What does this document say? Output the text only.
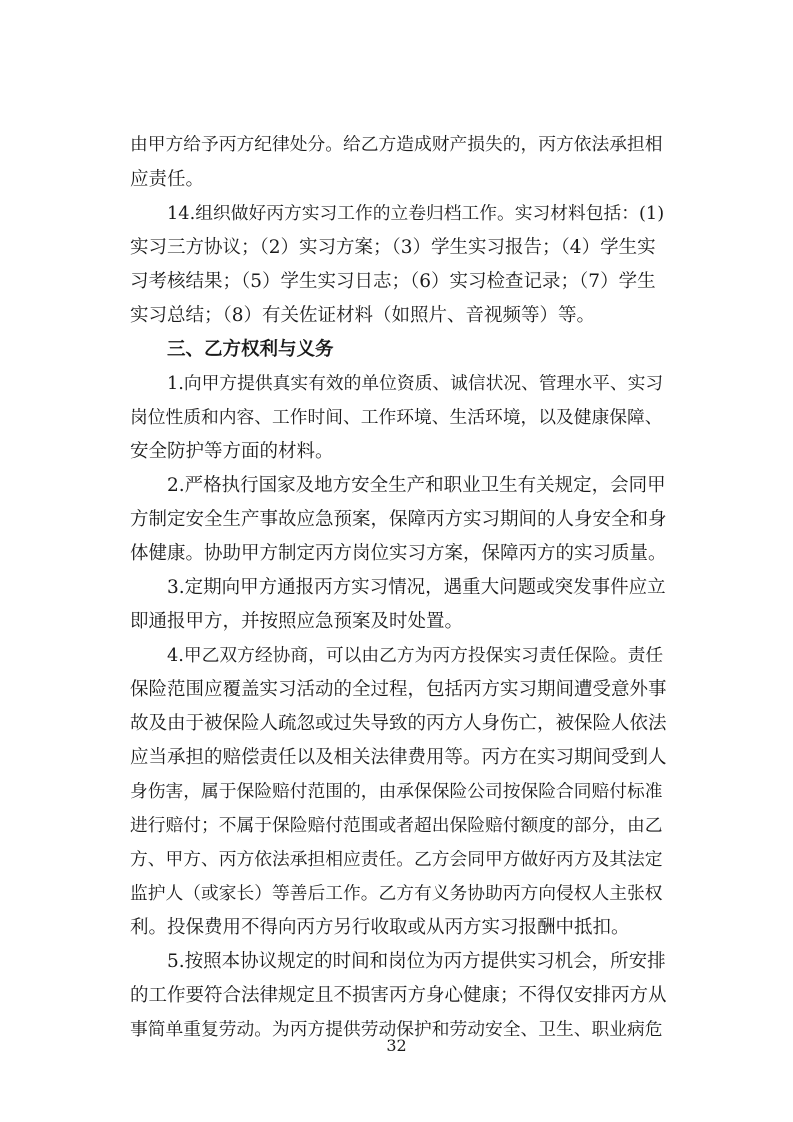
由甲方给予丙方纪律处分。给乙方造成财产损失的，丙方依法承担相
应责任。
14.组织做好丙方实习工作的立卷归档工作。实习材料包括：(1)
实习三方协议；（2）实习方案；（3）学生实习报告；（4）学生实
习考核结果；（5）学生实习日志；（6）实习检查记录；（7）学生
实习总结；（8）有关佐证材料（如照片、音视频等）等。
三、乙方权利与义务
1.向甲方提供真实有效的单位资质、诚信状况、管理水平、实习
岗位性质和内容、工作时间、工作环境、生活环境，以及健康保障、
安全防护等方面的材料。
2.严格执行国家及地方安全生产和职业卫生有关规定，会同甲
方制定安全生产事故应急预案，保障丙方实习期间的人身安全和身
体健康。协助甲方制定丙方岗位实习方案，保障丙方的实习质量。
3.定期向甲方通报丙方实习情况，遇重大问题或突发事件应立
即通报甲方，并按照应急预案及时处置。
4.甲乙双方经协商，可以由乙方为丙方投保实习责任保险。责任
保险范围应覆盖实习活动的全过程，包括丙方实习期间遭受意外事
故及由于被保险人疏忽或过失导致的丙方人身伤亡，被保险人依法
应当承担的赔偿责任以及相关法律费用等。丙方在实习期间受到人
身伤害，属于保险赔付范围的，由承保保险公司按保险合同赔付标准
进行赔付；不属于保险赔付范围或者超出保险赔付额度的部分，由乙
方、甲方、丙方依法承担相应责任。乙方会同甲方做好丙方及其法定
监护人（或家长）等善后工作。乙方有义务协助丙方向侵权人主张权
利。投保费用不得向丙方另行收取或从丙方实习报酬中抵扣。
5.按照本协议规定的时间和岗位为丙方提供实习机会，所安排
的工作要符合法律规定且不损害丙方身心健康；不得仅安排丙方从
事简单重复劳动。为丙方提供劳动保护和劳动安全、卫生、职业病危
32
